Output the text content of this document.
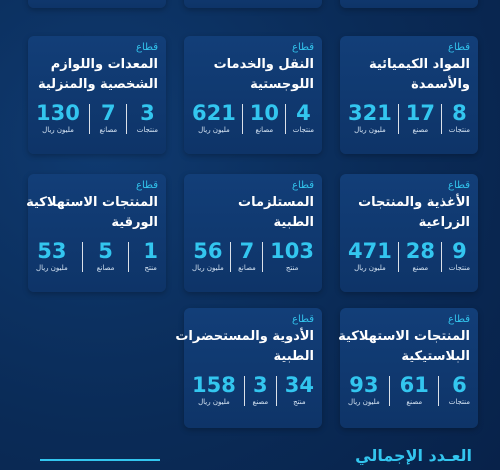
قطاع
المواد الكيميائية
والأسمدة
8
منتجات
17
مصنع
321
مليون ريال
قطاع
النقل والخدمات
اللوجستية
4
منتجات
10
مصانع
621
مليون ريال
قطاع
المعدات واللوازم
الشخصية والمنزلية
3
منتجات
7
مصانع
130
مليون ريال
قطاع
الأغذية والمنتجات
الزراعية
9
منتجات
28
مصنع
471
مليون ريال
قطاع
المستلزمات
الطبية
103
منتج
7
مصانع
56
مليون ريال
قطاع
المنتجات الاستهلاكية
الورقية
1
منتج
5
مصانع
53
مليون ريال
قطاع
المنتجات الاستهلاكية
البلاستيكية
6
منتجات
61
مصنع
93
مليون ريال
قطاع
الأدوية والمستحضرات
الطبية
34
منتج
3
مصنع
158
مليون ريال
العـدد الإجمالي
